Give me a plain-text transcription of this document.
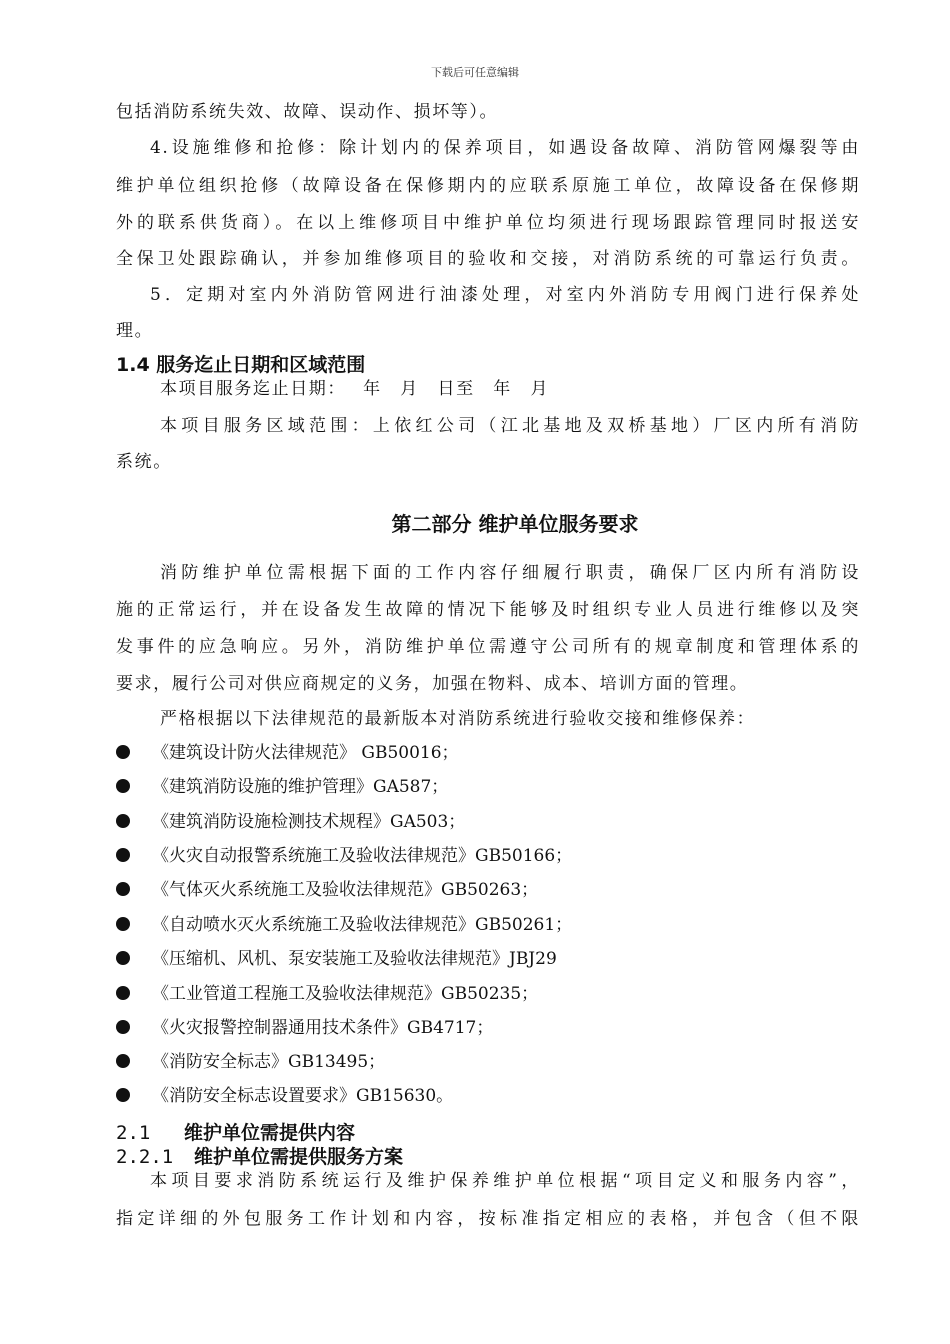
下载后可任意编辑
包括消防系统失效、故障、误动作、损坏等）。
4.设施维修和抢修：除计划内的保养项目，如遇设备故障、消防管网爆裂等由
维护单位组织抢修（故障设备在保修期内的应联系原施工单位，故障设备在保修期
外的联系供货商）。在以上维修项目中维护单位均须进行现场跟踪管理同时报送安
全保卫处跟踪确认，并参加维修项目的验收和交接，对消防系统的可靠运行负责。
5．定期对室内外消防管网进行油漆处理，对室内外消防专用阀门进行保养处
理。
1.4 服务迄止日期和区域范围
本项目服务迄止日期：　 年　月　日至　年　月
本项目服务区域范围：上依红公司（江北基地及双桥基地）厂区内所有消防
系统。
第二部分 维护单位服务要求
消防维护单位需根据下面的工作内容仔细履行职责，确保厂区内所有消防设
施的正常运行，并在设备发生故障的情况下能够及时组织专业人员进行维修以及突
发事件的应急响应。另外，消防维护单位需遵守公司所有的规章制度和管理体系的
要求，履行公司对供应商规定的义务，加强在物料、成本、培训方面的管理。
严格根据以下法律规范的最新版本对消防系统进行验收交接和维修保养：
《建筑设计防火法律规范》 GB50016；
《建筑消防设施的维护管理》GA587；
《建筑消防设施检测技术规程》GA503；
《火灾自动报警系统施工及验收法律规范》GB50166；
《气体灭火系统施工及验收法律规范》GB50263；
《自动喷水灭火系统施工及验收法律规范》GB50261；
《压缩机、风机、泵安装施工及验收法律规范》JBJ29
《工业管道工程施工及验收法律规范》GB50235；
《火灾报警控制器通用技术条件》GB4717；
《消防安全标志》GB13495；
《消防安全标志设置要求》GB15630。
2.1 维护单位需提供内容
2.2.1 维护单位需提供服务方案
本项目要求消防系统运行及维护保养维护单位根据“项目定义和服务内容”，
指定详细的外包服务工作计划和内容，按标准指定相应的表格，并包含（但不限
